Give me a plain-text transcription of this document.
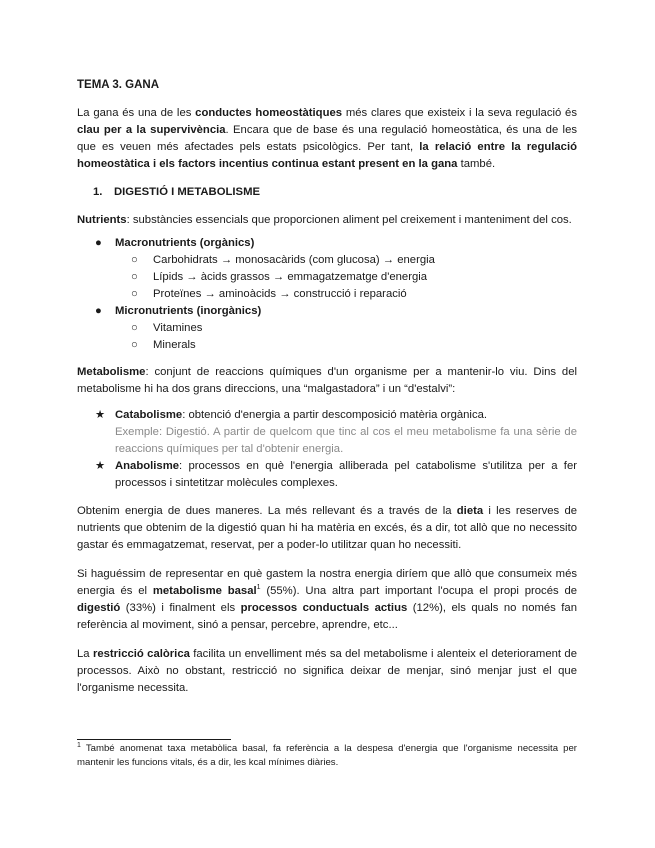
TEMA 3. GANA

La gana és una de les conductes homeostàtiques més clares que existeix i la seva regulació és clau per a la supervivència. Encara que de base és una regulació homeostàtica, és una de les que es veuen més afectades pels estats psicològics. Per tant, la relació entre la regulació homeostàtica i els factors incentius continua estant present en la gana també.

1. DIGESTIÓ I METABOLISME

Nutrients: substàncies essencials que proporcionen aliment pel creixement i manteniment del cos.

● Macronutrients (orgànics)
○ Carbohidrats → monosacàrids (com glucosa) → energia
○ Lípids → àcids grassos → emmagatzematge d'energia
○ Proteïnes → aminoàcids → construcció i reparació
● Micronutrients (inorgànics)
○ Vitamines
○ Minerals

Metabolisme: conjunt de reaccions químiques d'un organisme per a mantenir-lo viu. Dins del metabolisme hi ha dos grans direccions, una “malgastadora” i un “d'estalvi”:

★ Catabolisme: obtenció d'energia a partir descomposició matèria orgànica.
Exemple: Digestió. A partir de quelcom que tinc al cos el meu metabolisme fa una sèrie de reaccions químiques per tal d'obtenir energia.
★ Anabolisme: processos en què l'energia alliberada pel catabolisme s'utilitza per a fer processos i sintetitzar molècules complexes.

Obtenim energia de dues maneres. La més rellevant és a través de la dieta i les reserves de nutrients que obtenim de la digestió quan hi ha matèria en excés, és a dir, tot allò que no necessito gastar és emmagatzemat, reservat, per a poder-lo utilitzar quan ho necessiti.

Si haguéssim de representar en què gastem la nostra energia diríem que allò que consumeix més energia és el metabolisme basal$^1$ (55%). Una altra part important l'ocupa el propi procés de digestió (33%) i finalment els processos conductuals actius (12%), els quals no només fan referència al moviment, sinó a pensar, percebre, aprendre, etc...

La restricció calòrica facilita un envelliment més sa del metabolisme i alenteix el deteriorament de processos. Això no obstant, restricció no significa deixar de menjar, sinó menjar just el que l'organisme necessita.

$^1$ També anomenat taxa metabòlica basal, fa referència a la despesa d'energia que l'organisme necessita per mantenir les funcions vitals, és a dir, les kcal mínimes diàries.
